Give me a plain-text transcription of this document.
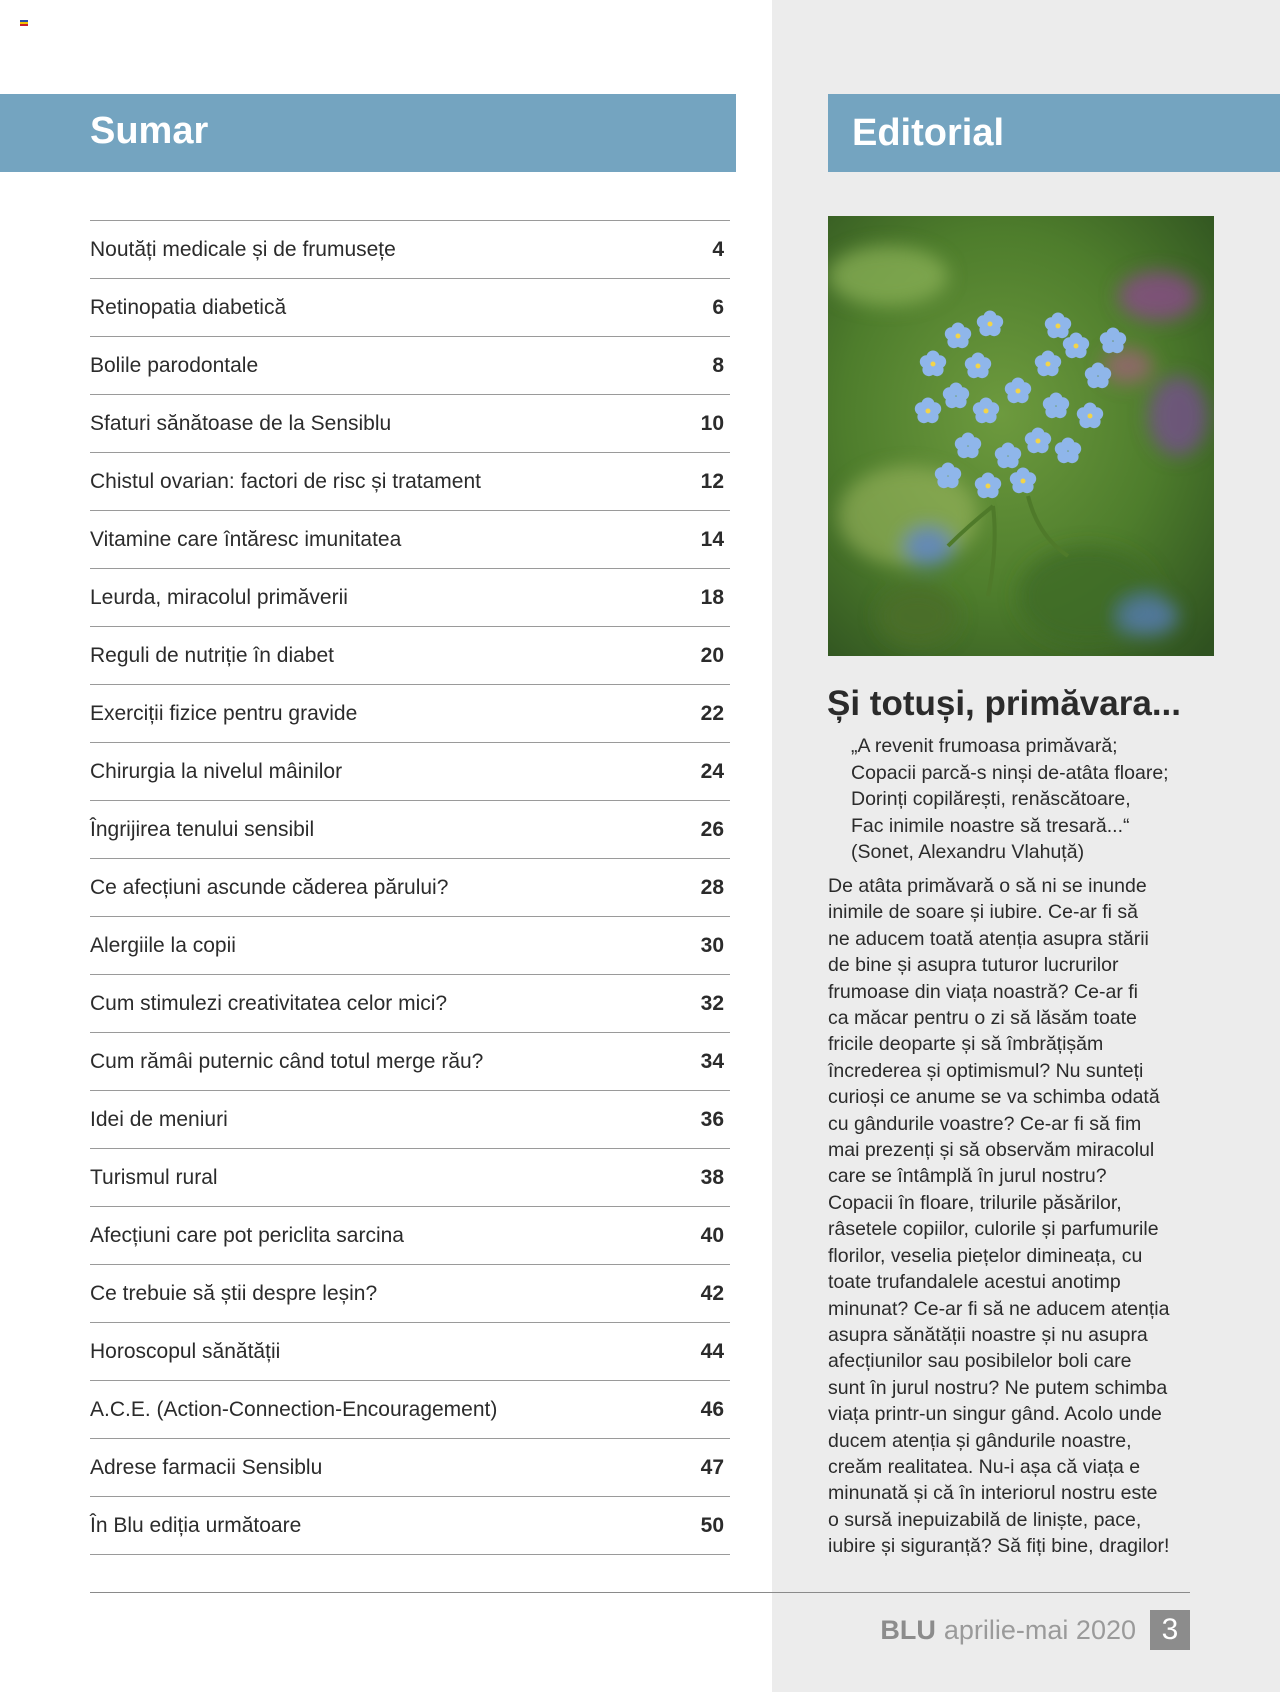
Sumar	Editorial
Noutăți medicale și de frumusețe	4
Retinopatia diabetică	6
Bolile parodontale	8
Sfaturi sănătoase de la Sensiblu	10
Chistul ovarian: factori de risc și tratament	12
Vitamine care întăresc imunitatea	14
Leurda, miracolul primăverii	18
Reguli de nutriție în diabet	20
Exerciții fizice pentru gravide	22
Chirurgia la nivelul mâinilor	24
Îngrijirea tenului sensibil	26
Ce afecțiuni ascunde căderea părului?	28
Alergiile la copii	30
Cum stimulezi creativitatea celor mici?	32
Cum rămâi puternic când totul merge rău?	34
Idei de meniuri	36
Turismul rural	38
Afecțiuni care pot periclita sarcina	40
Ce trebuie să știi despre leșin?	42
Horoscopul sănătății	44
A.C.E. (Action-Connection-Encouragement)	46
Adrese farmacii Sensiblu	47
În Blu ediția următoare	50
Și totuși, primăvara...
„A revenit frumoasa primăvară;
Copacii parcă-s ninși de-atâta floare;
Dorinți copilărești, renăscătoare,
Fac inimile noastre să tresară...“
(Sonet, Alexandru Vlahuță)
De atâta primăvară o să ni se inunde
inimile de soare și iubire. Ce-ar fi să
ne aducem toată atenția asupra stării
de bine și asupra tuturor lucrurilor
frumoase din viața noastră? Ce-ar fi
ca măcar pentru o zi să lăsăm toate
fricile deoparte și să îmbrățișăm
încrederea și optimismul? Nu sunteți
curioși ce anume se va schimba odată
cu gândurile voastre? Ce-ar fi să fim
mai prezenți și să observăm miracolul
care se întâmplă în jurul nostru?
Copacii în floare, trilurile păsărilor,
râsetele copiilor, culorile și parfumurile
florilor, veselia piețelor dimineața, cu
toate trufandalele acestui anotimp
minunat? Ce-ar fi să ne aducem atenția
asupra sănătății noastre și nu asupra
afecțiunilor sau posibilelor boli care
sunt în jurul nostru? Ne putem schimba
viața printr-un singur gând. Acolo unde
ducem atenția și gândurile noastre,
creăm realitatea. Nu-i așa că viața e
minunată și că în interiorul nostru este
o sursă inepuizabilă de liniște, pace,
iubire și siguranță? Să fiți bine, dragilor!
BLU aprilie-mai 2020 3
